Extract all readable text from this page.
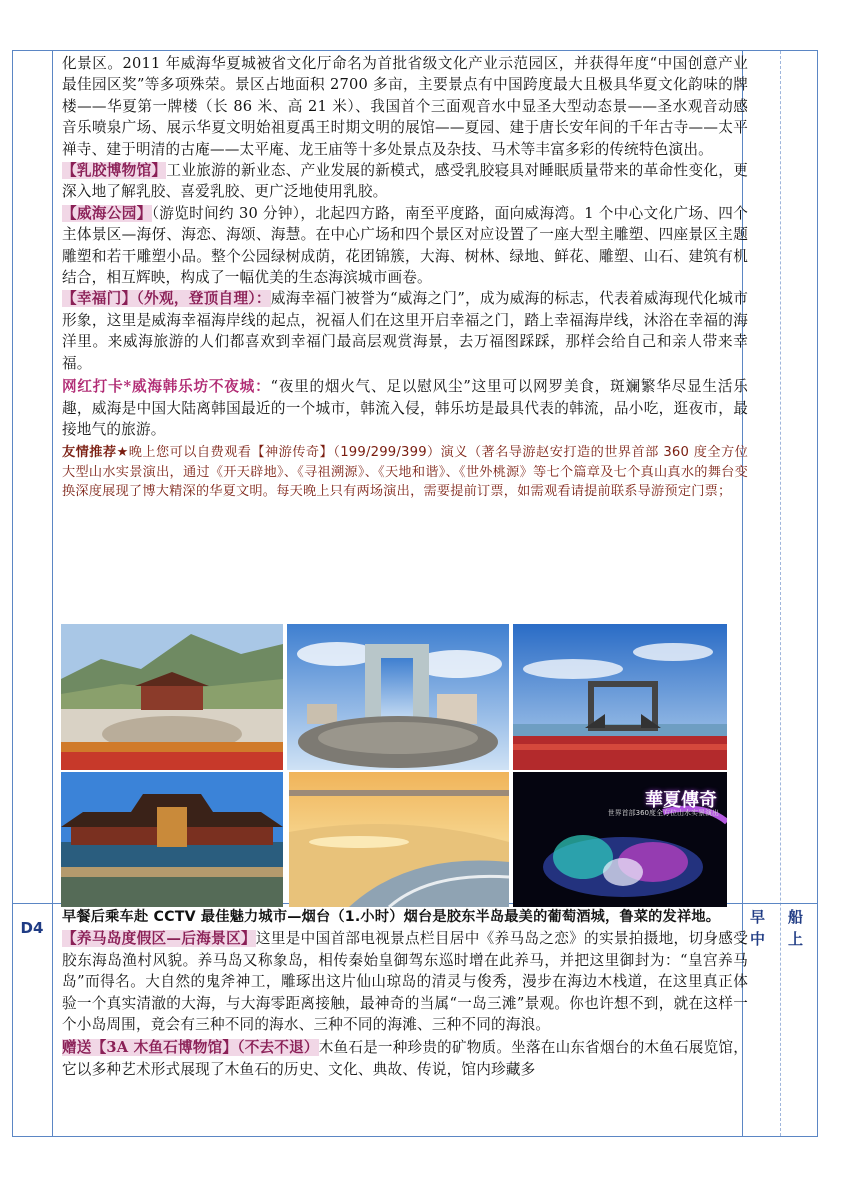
化景区。2011 年威海华夏城被省文化厅命名为首批省级文化产业示范园区，并获得年度“中国创意产业最佳园区奖”等多项殊荣。景区占地面积 2700 多亩，主要景点有中国跨度最大且极具华夏文化韵味的牌楼——华夏第一牌楼（长 86 米、高 21 米）、我国首个三面观音水中显圣大型动态景——圣水观音动感音乐喷泉广场、展示华夏文明始祖夏禹王时期文明的展馆——夏园、建于唐长安年间的千年古寺——太平禅寺、建于明清的古庵——太平庵、龙王庙等十多处景点及杂技、马术等丰富多彩的传统特色演出。

【乳胶博物馆】工业旅游的新业态、产业发展的新模式，感受乳胶寝具对睡眠质量带来的革命性变化，更深入地了解乳胶、喜爱乳胶、更广泛地使用乳胶。

【威海公园】（游览时间约 30 分钟），北起四方路，南至平度路，面向威海湾。1 个中心文化广场、四个主体景区—海伢、海恋、海颂、海慧。在中心广场和四个景区对应设置了一座大型主雕塑、四座景区主题雕塑和若干雕塑小品。整个公园绿树成荫，花团锦簇，大海、树林、绿地、鲜花、雕塑、山石、建筑有机结合，相互辉映，构成了一幅优美的生态海滨城市画卷。

【幸福门】（外观，登顶自理）：威海幸福门被誉为“威海之门”，成为威海的标志，代表着威海现代化城市形象，这里是威海幸福海岸线的起点，祝福人们在这里开启幸福之门，踏上幸福海岸线，沐浴在幸福的海洋里。来威海旅游的人们都喜欢到幸福门最高层观赏海景，去万福图踩踩，那样会给自己和亲人带来幸福。

网红打卡*威海韩乐坊不夜城：“夜里的烟火气、足以慰风尘”这里可以网罗美食，斑斓繁华尽显生活乐趣，威海是中国大陆离韩国最近的一个城市，韩流入侵，韩乐坊是最具代表的韩流，品小吃，逛夜市，最接地气的旅游。

友情推荐★晚上您可以自费观看【神游传奇】（199/299/399）演义（著名导游赵安打造的世界首部 360 度全方位大型山水实景演出，通过《开天辟地》、《寻祖溯源》、《天地和谐》、《世外桃源》等七个篇章及七个真山真水的舞台变换深度展现了博大精深的华夏文明。每天晚上只有两场演出，需要提前订票，如需观看请提前联系导游预定门票；

華夏傳奇
世界首部360度全方位山水实景演出
D4
早
中
船
上

早餐后乘车赴 CCTV 最佳魅力城市—烟台（1.小时）烟台是胶东半岛最美的葡萄酒城，鲁菜的发祥地。

【养马岛度假区—后海景区】这里是中国首部电视景点栏目居中《养马岛之恋》的实景拍摄地，切身感受胶东海岛渔村风貌。养马岛又称象岛，相传秦始皇御驾东巡时增在此养马，并把这里御封为：“皇宫养马岛”而得名。大自然的鬼斧神工，雕琢出这片仙山琼岛的清灵与俊秀，漫步在海边木栈道，在这里真正体验一个真实清澈的大海，与大海零距离接触，最神奇的当属“一岛三滩”景观。你也许想不到，就在这样一个小岛周围，竟会有三种不同的海水、三种不同的海滩、三种不同的海浪。

赠送【3A 木鱼石博物馆】（不去不退）木鱼石是一种珍贵的矿物质。坐落在山东省烟台的木鱼石展览馆，它以多种艺术形式展现了木鱼石的历史、文化、典故、传说，馆内珍藏多
